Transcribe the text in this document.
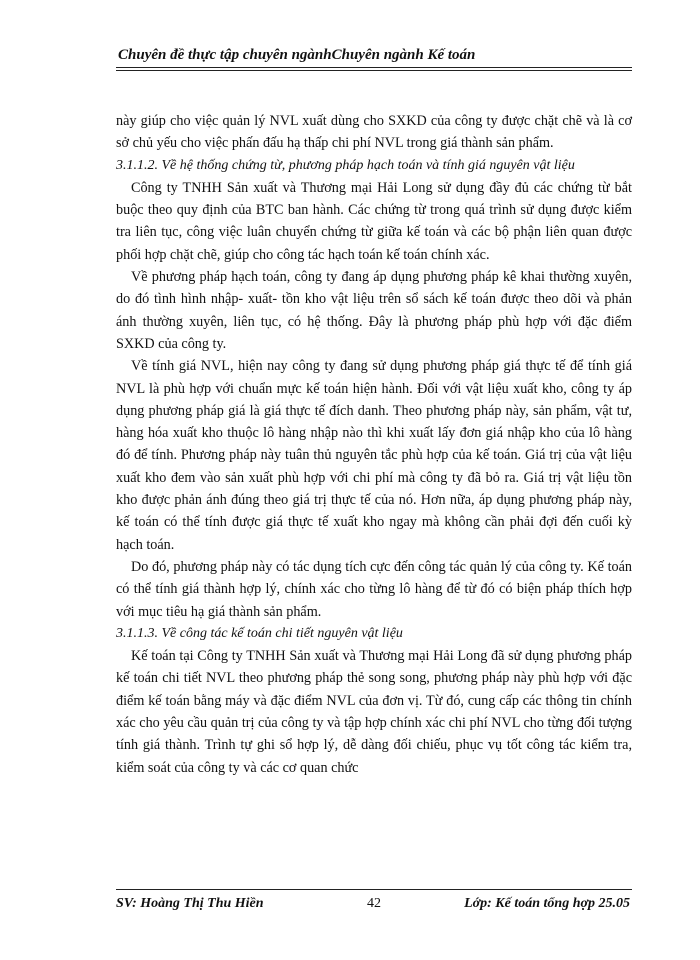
Chuyên đề thực tập chuyên ngànhChuyên ngành Kế toán

này giúp cho việc quản lý NVL xuất dùng cho SXKD của công ty được chặt chẽ và là cơ sở chủ yếu cho việc phấn đấu hạ thấp chi phí NVL trong giá thành sản phẩm.

3.1.1.2. Về hệ thống chứng từ, phương pháp hạch toán và tính giá nguyên vật liệu

Công ty TNHH Sản xuất và Thương mại Hải Long sử dụng đầy đủ các chứng từ bắt buộc theo quy định của BTC ban hành. Các chứng từ trong quá trình sử dụng được kiểm tra liên tục, công việc luân chuyển chứng từ giữa kế toán và các bộ phận liên quan được phối hợp chặt chẽ, giúp cho công tác hạch toán kế toán chính xác.

Về phương pháp hạch toán, công ty đang áp dụng phương pháp kê khai thường xuyên, do đó tình hình nhập- xuất- tồn kho vật liệu trên sổ sách kế toán được theo dõi và phản ánh thường xuyên, liên tục, có hệ thống. Đây là phương pháp phù hợp với đặc điểm SXKD của công ty.

Về tính giá NVL, hiện nay công ty đang sử dụng phương pháp giá thực tế để tính giá NVL là phù hợp với chuẩn mực kế toán hiện hành. Đối với vật liệu xuất kho, công ty áp dụng phương pháp giá là giá thực tế đích danh. Theo phương pháp này, sản phẩm, vật tư, hàng hóa xuất kho thuộc lô hàng nhập nào thì khi xuất lấy đơn giá nhập kho của lô hàng đó để tính. Phương pháp này tuân thủ nguyên tắc phù hợp của kế toán. Giá trị của vật liệu xuất kho đem vào sản xuất phù hợp với chi phí mà công ty đã bỏ ra. Giá trị vật liệu tồn kho được phản ánh đúng theo giá trị thực tế của nó. Hơn nữa, áp dụng phương pháp này, kế toán có thể tính được giá thực tế xuất kho ngay mà không cần phải đợi đến cuối kỳ hạch toán.

Do đó, phương pháp này có tác dụng tích cực đến công tác quản lý của công ty. Kế toán có thể tính giá thành hợp lý, chính xác cho từng lô hàng để từ đó có biện pháp thích hợp với mục tiêu hạ giá thành sản phẩm.

3.1.1.3. Về công tác kế toán chi tiết nguyên vật liệu

Kế toán tại Công ty TNHH Sản xuất và Thương mại Hải Long đã sử dụng phương pháp kế toán chi tiết NVL theo phương pháp thẻ song song, phương pháp này phù hợp với đặc điểm kế toán bằng máy và đặc điểm NVL của đơn vị. Từ đó, cung cấp các thông tin chính xác cho yêu cầu quản trị của công ty và tập hợp chính xác chi phí NVL cho từng đối tượng tính giá thành. Trình tự ghi sổ hợp lý, dễ dàng đối chiếu, phục vụ tốt công tác kiểm tra, kiểm soát của công ty và các cơ quan chức

SV: Hoàng Thị Thu Hiền	42	Lớp: Kế toán tổng hợp 25.05
